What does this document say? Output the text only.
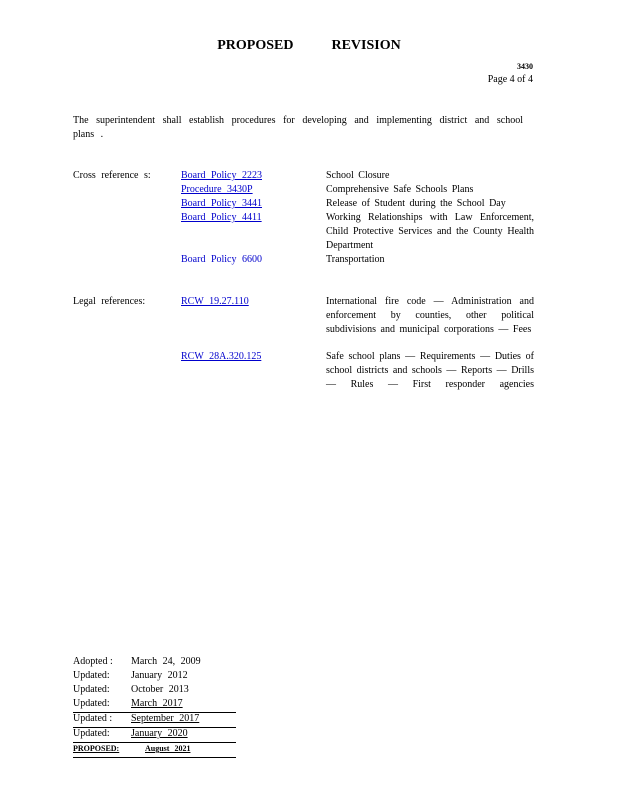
PROPOSED	REVISION
3430
Page 4 of 4
The superintendent shall establish procedures for developing and implementing district and school plans .
Cross reference s:	Board Policy 2223	School Closure
Procedure 3430P	Comprehensive Safe Schools Plans
Board Policy 3441	Release of Student during the School Day
Board Policy 4411	Working Relationships with Law Enforcement, Child Protective Services and the County Health Department
Board Policy 6600	Transportation
Legal references:	RCW 19.27.110	International fire code — Administration and enforcement by counties, other political subdivisions and municipal corporations — Fees
RCW 28A.320.125	Safe school plans — Requirements — Duties of school districts and schools — Reports — Drills — Rules — First responder agencies
Adopted : March 24, 2009
Updated: January 2012
Updated: October 2013
Updated: March 2017
Updated : September 2017
Updated: January 2020
PROPOSED:	August 2021
